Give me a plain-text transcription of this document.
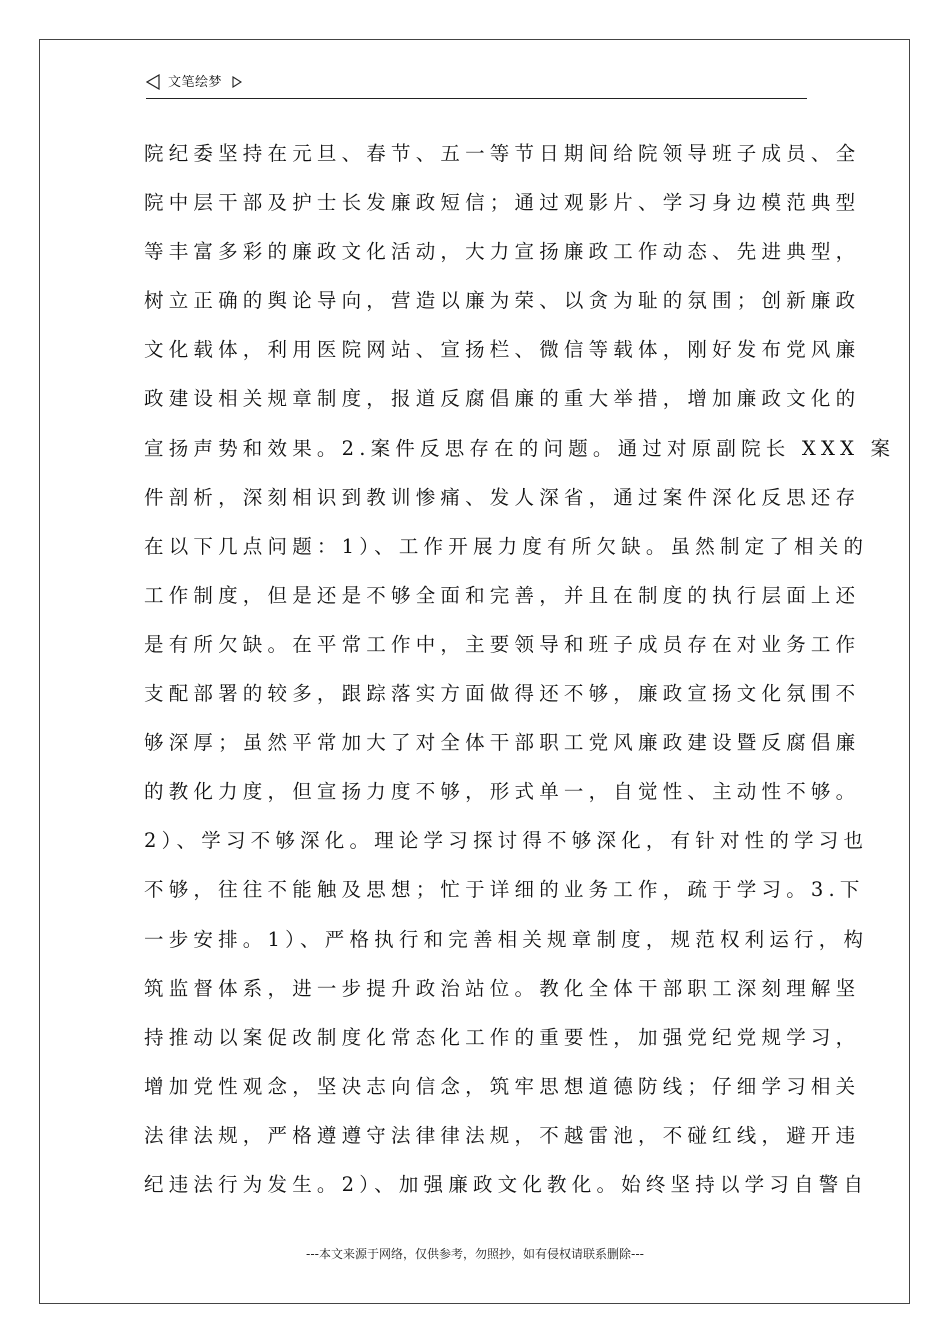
文笔绘梦
院纪委坚持在元旦、春节、五一等节日期间给院领导班子成员、全
院中层干部及护士长发廉政短信；通过观影片、学习身边模范典型
等丰富多彩的廉政文化活动，大力宣扬廉政工作动态、先进典型，
树立正确的舆论导向，营造以廉为荣、以贪为耻的氛围；创新廉政
文化载体，利用医院网站、宣扬栏、微信等载体，刚好发布党风廉
政建设相关规章制度，报道反腐倡廉的重大举措，增加廉政文化的
宣扬声势和效果。2.案件反思存在的问题。通过对原副院长 XXX 案
件剖析，深刻相识到教训惨痛、发人深省，通过案件深化反思还存
在以下几点问题：1）、工作开展力度有所欠缺。虽然制定了相关的
工作制度，但是还是不够全面和完善，并且在制度的执行层面上还
是有所欠缺。在平常工作中，主要领导和班子成员存在对业务工作
支配部署的较多，跟踪落实方面做得还不够，廉政宣扬文化氛围不
够深厚；虽然平常加大了对全体干部职工党风廉政建设暨反腐倡廉
的教化力度，但宣扬力度不够，形式单一，自觉性、主动性不够。
2）、学习不够深化。理论学习探讨得不够深化，有针对性的学习也
不够，往往不能触及思想；忙于详细的业务工作，疏于学习。3.下
一步安排。1）、严格执行和完善相关规章制度，规范权利运行，构
筑监督体系，进一步提升政治站位。教化全体干部职工深刻理解坚
持推动以案促改制度化常态化工作的重要性，加强党纪党规学习，
增加党性观念，坚决志向信念，筑牢思想道德防线；仔细学习相关
法律法规，严格遵遵守法律律法规，不越雷池，不碰红线，避开违
纪违法行为发生。2）、加强廉政文化教化。始终坚持以学习自警自
---本文来源于网络，仅供参考，勿照抄，如有侵权请联系删除---
